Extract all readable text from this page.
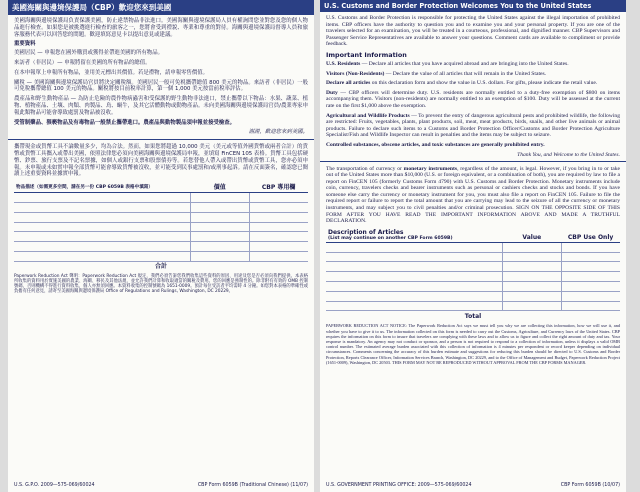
美國海關與邊境保護局（CBP）歡迎您來到美國
美國海關與邊境保護局負責保護美國，防止違禁物品非法進口。美國海關與邊境保護局人員有權詢問您並對您及您的個人物品進行檢查。如果您是被挑選進行檢查的旅客之一，您將會受到禮貌、專業和尊重的對待。海關與邊境保護局督導人員和旅客服務代表可以回答您的問題。歡迎填寫意見卡以提出意見或建議。
重要資料
美國居民 — 申報您在國外購買或獲得並帶進美國的所有物品。
來訪者（非居民）— 申報將留在美國的所有物品的總值。
在本申報單上申報所有物品，並用美元標出其價值。若是禮物，請申報零售價值。
關稅 — 美國海關與邊境保護局官員將決定關稅額。美國居民一般可免税攜帶總值 800 美元的物品。來訪者（非居民）一般可免稅攜帶總值 100 美元的物品。關稅將按目前稅率計算，第一個 1,000 美元按當前稅率評估。
農產品和野生動物產品 — 為防止危險的農作物病蟲害和受保護的野生動物非法進口，禁止攜帶以下物品：水果、蔬菜、植物、植物產品、土壤、肉類、肉製品、鳥、蝸牛，及其它活體動物或動物產品。未向美國海關與邊境保護局官員/農業專家申報此類物品可能會導致處罰及物品被沒收。
受管制藥品、猥褻物品及有毒物品一般禁止攜帶進口。農產品與動物製品須申報並接受檢查。
謝謝，歡迎您來到美國。
攜帶現金或貨幣工具不論數量多少，均為合法。然而，如果您將超過 10,000 美元（美元或等值外國貨幣或兩者合計）的貨幣或貨幣工具攜入或帶出美國，依照法律您必須向美國海關與邊境保護局申報，並填寫 FinCEN 105 表格。貨幣工具包括硬幣、鈔票、旅行支票及不記名票據，如個人或銀行支票和股票債券等。若您替他人帶入或帶出貨幣或貨幣工具，您亦必須申報。未申報或未如實申報全部貨幣可能會導致貨幣被沒收，並可能受到民事處罰和/或刑事起訴。請在反面簽名，確認您已閱讀上述重要資料並據實申報。
物品描述（如需更多空間，請在另一份 CBP 6059B 表格中填寫）	價值	CBP 專用欄

合計
Paperwork Reduction Act 聲明：Paperwork Reduction Act 規定，我們必須告訴您我們收集這些資料的原因、用途及您是否必須向我們提供。本表格所收集的資料用於實施美國的農業、海關、移民及其他法規，並允許我們計算和收取適當的關稅及費用。您的回應是強制性的。除非附有有效的 OMB 控制號碼，否則機構不得進行資料收集，個人亦無須回應。本資料收集的控制號碼為 1651-0009。預計每位受訪者平均需時 4 分鐘。如您對本表格的準確性或負擔有任何意見，請寄至美國海關與邊境保護局 Office of Regulations and Rulings, Washington, DC 20229。
U.S. G.P.O. 2009—575-069/60024	CBP Form 6059B (Traditional Chinese) (11/07)
U.S. Customs and Border Protection Welcomes You to the United States
U.S. Customs and Border Protection is responsible for protecting the United States against the illegal importation of prohibited items. CBP officers have the authority to question you and to examine you and your personal property. If you are one of the travelers selected for an examination, you will be treated in a courteous, professional, and dignified manner. CBP Supervisors and Passenger Service Representatives are available to answer your questions. Comment cards are available to compliment or provide feedback.
Important Information
U.S. Residents — Declare all articles that you have acquired abroad and are bringing into the United States.
Visitors (Non-Residents) — Declare the value of all articles that will remain in the United States.
Declare all articles on this declaration form and show the value in U.S. dollars. For gifts, please indicate the retail value.
Duty — CBP officers will determine duty. U.S. residents are normally entitled to a duty-free exemption of $800 on items accompanying them. Visitors (non-residents) are normally entitled to an exemption of $100. Duty will be assessed at the current rate on the first $1,000 above the exemption.
Agricultural and Wildlife Products — To prevent the entry of dangerous agricultural pests and prohibited wildlife, the following are restricted: Fruits, vegetables, plants, plant products, soil, meat, meat products, birds, snails, and other live animals or animal products. Failure to declare such items to a Customs and Border Protection Officer/Customs and Border Protection Agriculture Specialist/Fish and Wildlife Inspector can result in penalties and the items may be subject to seizure.
Controlled substances, obscene articles, and toxic substances are generally prohibited entry.
Thank You, and Welcome to the United States.
The transportation of currency or monetary instruments, regardless of the amount, is legal. However, if you bring in to or take out of the United States more than $10,000 (U.S. or foreign equivalent, or a combination of both), you are required by law to file a report on FinCEN 105 (formerly Customs Form 4790) with U.S. Customs and Border Protection. Monetary instruments include coin, currency, travelers checks and bearer instruments such as personal or cashiers checks and stocks and bonds. If you have someone else carry the currency or monetary instrument for you, you must also file a report on FinCEN 105. Failure to file the required report or failure to report the total amount that you are carrying may lead to the seizure of all the currency or monetary instruments, and may subject you to civil penalties and/or criminal prosecution. SIGN ON THE OPPOSITE SIDE OF THIS FORM AFTER YOU HAVE READ THE IMPORTANT INFORMATION ABOVE AND MADE A TRUTHFUL DECLARATION.
Description of Articles
(List may continue on another CBP Form 6059B)	Value	CBP Use Only

Total
PAPERWORK REDUCTION ACT NOTICE: The Paperwork Reduction Act says we must tell you why we are collecting this information, how we will use it, and whether you have to give it to us. The information collected on this form is needed to carry out the Customs, Agriculture, and Currency laws of the United States. CBP requires the information on this form to insure that travelers are complying with these laws and to allow us to figure and collect the right amount of duty and tax. Your response is mandatory. An agency may not conduct or sponsor, and a person is not required to respond to a collection of information, unless it displays a valid OMB control number. The estimated average burden associated with this collection of information is 4 minutes per respondent or record keeper depending on individual circumstances. Comments concerning the accuracy of this burden estimate and suggestions for reducing this burden should be directed to U.S. Customs and Border Protection, Reports Clearance Officer, Information Services Branch, Washington, DC 20229, and to the Office of Management and Budget, Paperwork Reduction Project (1651-0009), Washington, DC 20503. THIS FORM MAY NOT BE REPRODUCED WITHOUT APPROVAL FROM THE CBP FORMS MANAGER.
U.S. GOVERNMENT PRINTING OFFICE: 2009—575-069/60024	CBP Form 6059B (10/07)
